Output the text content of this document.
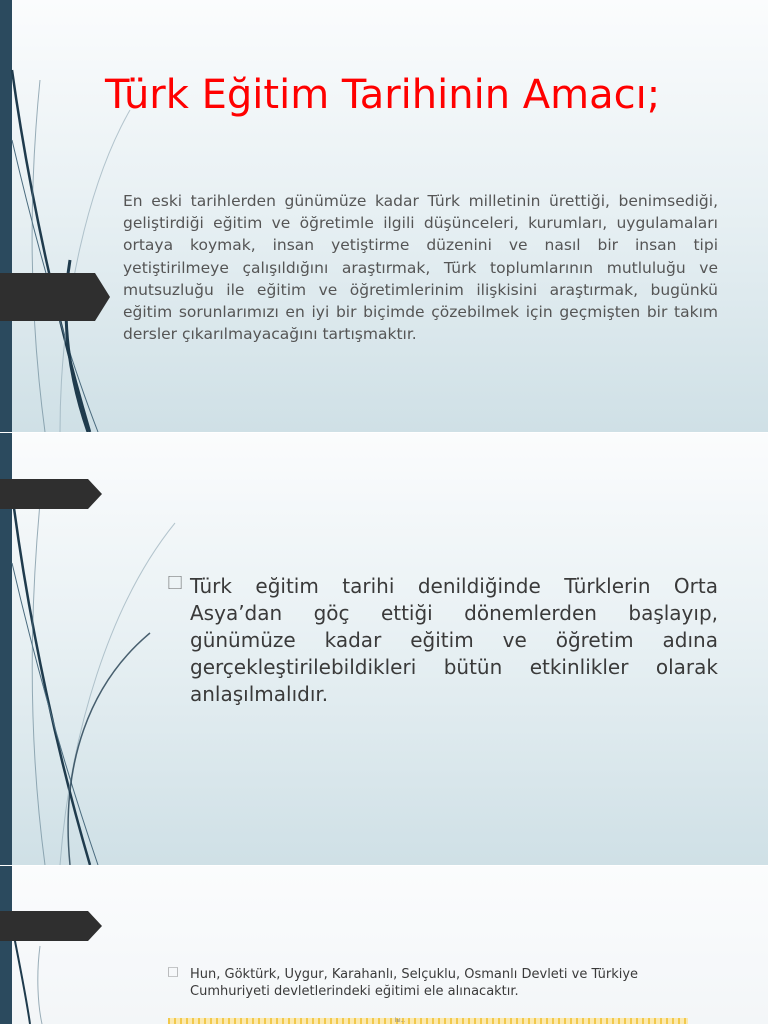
Türk Eğitim Tarihinin Amacı;

En eski tarihlerden günümüze kadar Türk milletinin ürettiği, benimsediği, geliştirdiği eğitim ve öğretimle ilgili düşünceleri, kurumları, uygulamaları ortaya koymak, insan yetiştirme düzenini ve nasıl bir insan tipi yetiştirilmeye çalışıldığını araştırmak, Türk toplumlarının mutluluğu ve mutsuzluğu ile eğitim ve öğretimlerinim ilişkisini araştırmak, bugünkü eğitim sorunlarımızı en iyi bir biçimde çözebilmek için geçmişten bir takım dersler çıkarılmayacağını tartışmaktır.

⃞ Türk eğitim tarihi denildiğinde Türklerin Orta Asya’dan göç ettiği dönemlerden başlayıp, günümüze kadar eğitim ve öğretim adına gerçekleştirilebildikleri bütün etkinlikler olarak anlaşılmalıdır.

⃞ Hun, Göktürk, Uygur, Karahanlı, Selçuklu, Osmanlı Devleti ve Türkiye Cumhuriyeti devletlerindeki eğitimi ele alınacaktır.

İsl...
